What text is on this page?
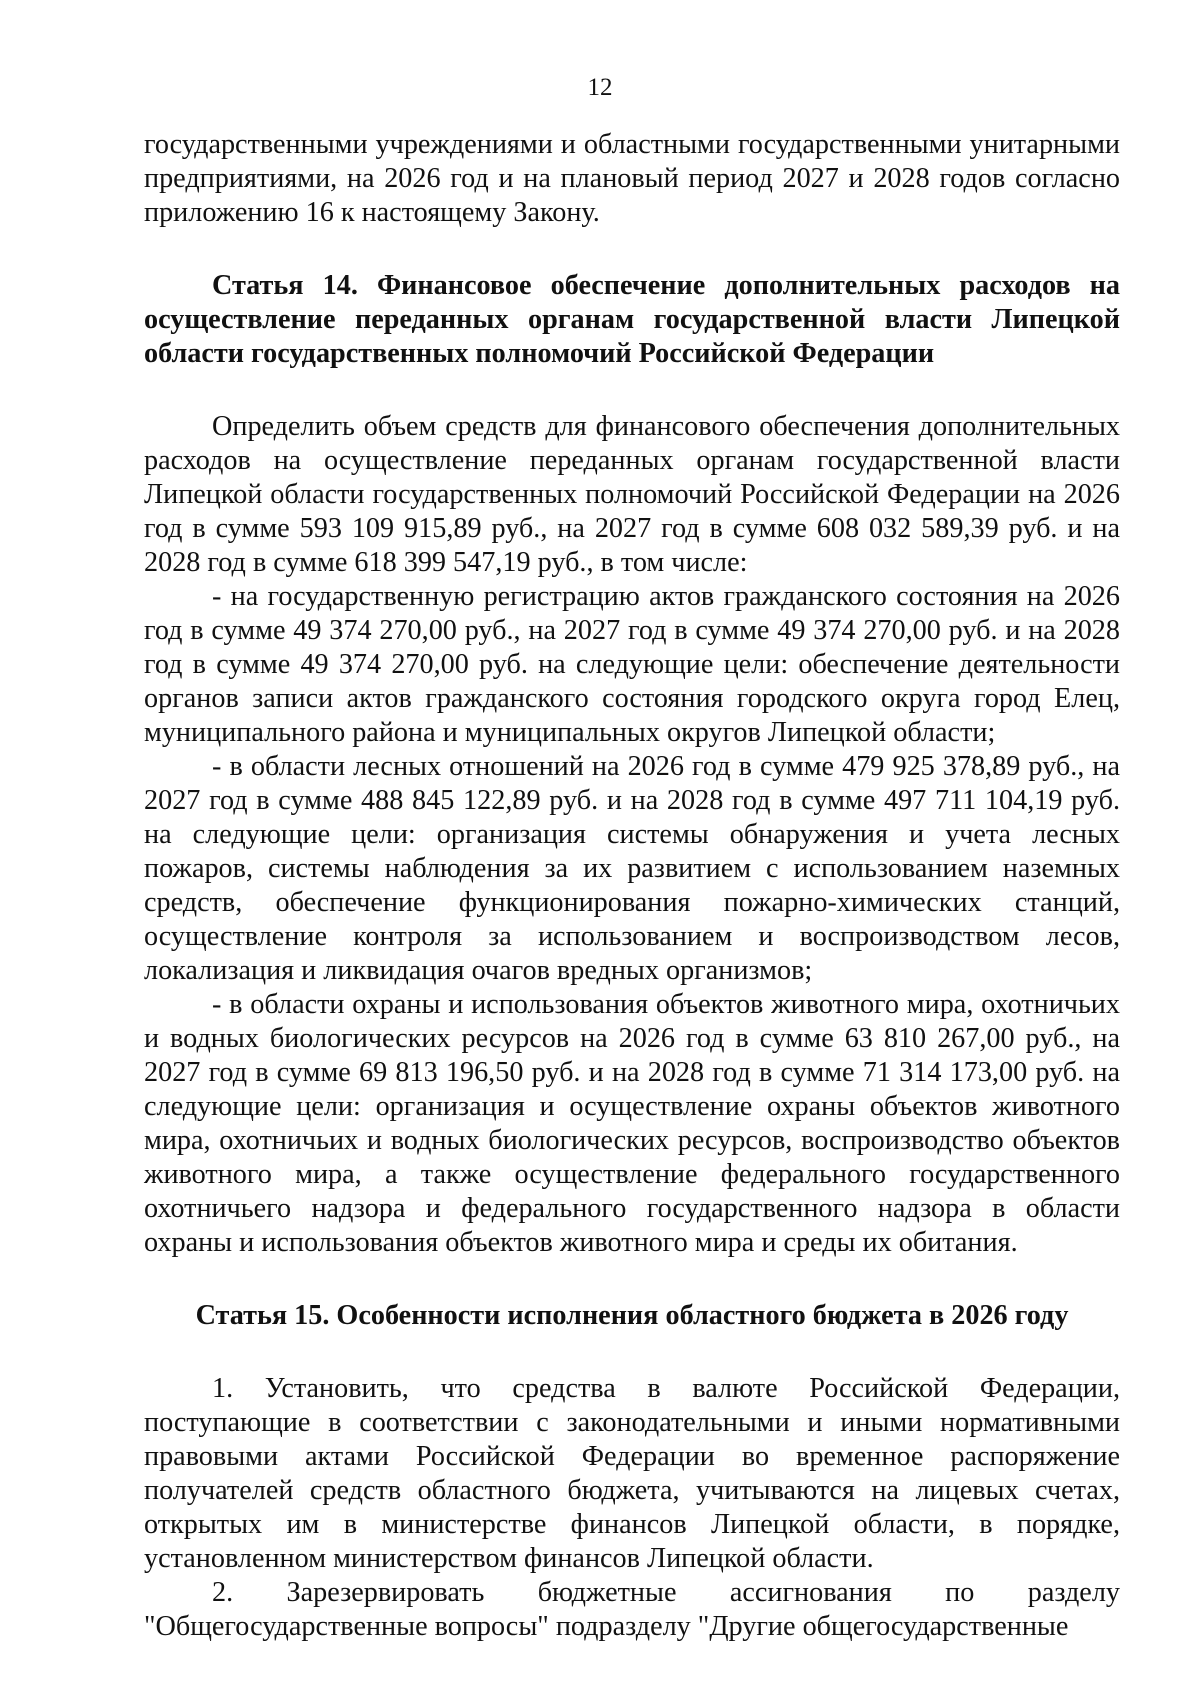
12

государственными учреждениями и областными государственными унитарными предприятиями, на 2026 год и на плановый период 2027 и 2028 годов согласно приложению 16 к настоящему Закону.

Статья 14. Финансовое обеспечение дополнительных расходов на осуществление переданных органам государственной власти Липецкой области государственных полномочий Российской Федерации

Определить объем средств для финансового обеспечения дополнительных расходов на осуществление переданных органам государственной власти Липецкой области государственных полномочий Российской Федерации на 2026 год в сумме 593 109 915,89 руб., на 2027 год в сумме 608 032 589,39 руб. и на 2028 год в сумме 618 399 547,19 руб., в том числе:

- на государственную регистрацию актов гражданского состояния на 2026 год в сумме 49 374 270,00 руб., на 2027 год в сумме 49 374 270,00 руб. и на 2028 год в сумме 49 374 270,00 руб. на следующие цели: обеспечение деятельности органов записи актов гражданского состояния городского округа город Елец, муниципального района и муниципальных округов Липецкой области;

- в области лесных отношений на 2026 год в сумме 479 925 378,89 руб., на 2027 год в сумме 488 845 122,89 руб. и на 2028 год в сумме 497 711 104,19 руб. на следующие цели: организация системы обнаружения и учета лесных пожаров, системы наблюдения за их развитием с использованием наземных средств, обеспечение функционирования пожарно-химических станций, осуществление контроля за использованием и воспроизводством лесов, локализация и ликвидация очагов вредных организмов;

- в области охраны и использования объектов животного мира, охотничьих и водных биологических ресурсов на 2026 год в сумме 63 810 267,00 руб., на 2027 год в сумме 69 813 196,50 руб. и на 2028 год в сумме 71 314 173,00 руб. на следующие цели: организация и осуществление охраны объектов животного мира, охотничьих и водных биологических ресурсов, воспроизводство объектов животного мира, а также осуществление федерального государственного охотничьего надзора и федерального государственного надзора в области охраны и использования объектов животного мира и среды их обитания.

Статья 15. Особенности исполнения областного бюджета в 2026 году

1. Установить, что средства в валюте Российской Федерации, поступающие в соответствии с законодательными и иными нормативными правовыми актами Российской Федерации во временное распоряжение получателей средств областного бюджета, учитываются на лицевых счетах, открытых им в министерстве финансов Липецкой области, в порядке, установленном министерством финансов Липецкой области.

2. Зарезервировать бюджетные ассигнования по разделу

"Общегосударственные вопросы" подразделу "Другие общегосударственные
